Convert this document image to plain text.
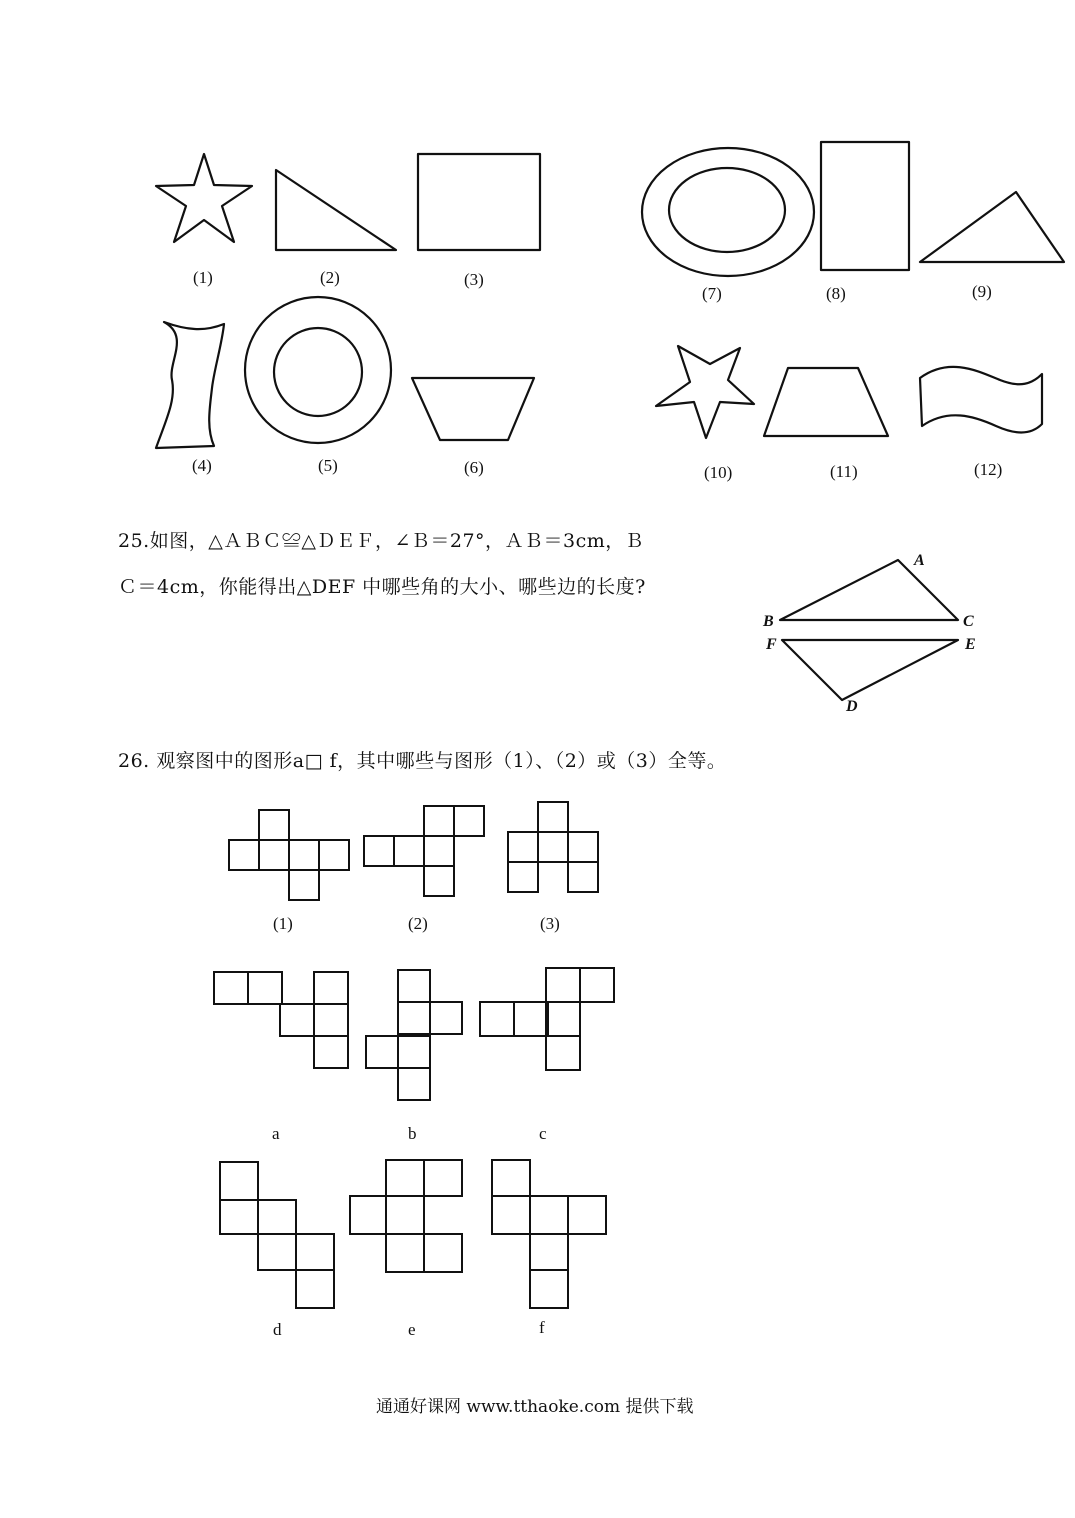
(1)	(2)	(3)
(4)	(5)	(6)
(7)	(8)	(9)
(10)	(11)	(12)
25.如图，△ＡＢＣ≌△ＤＥＦ，∠Ｂ＝27°，ＡＢ＝3cm，Ｂ
Ｃ＝4cm，你能得出△DEF 中哪些角的大小、哪些边的长度?
A
B	C
F	E
D
26. 观察图中的图形a□ f，其中哪些与图形（1）、（2）或（3）全等。
(1)	(2)	(3)
a	b	c
d	e	f
通通好课网 www.tthaoke.com 提供下载
